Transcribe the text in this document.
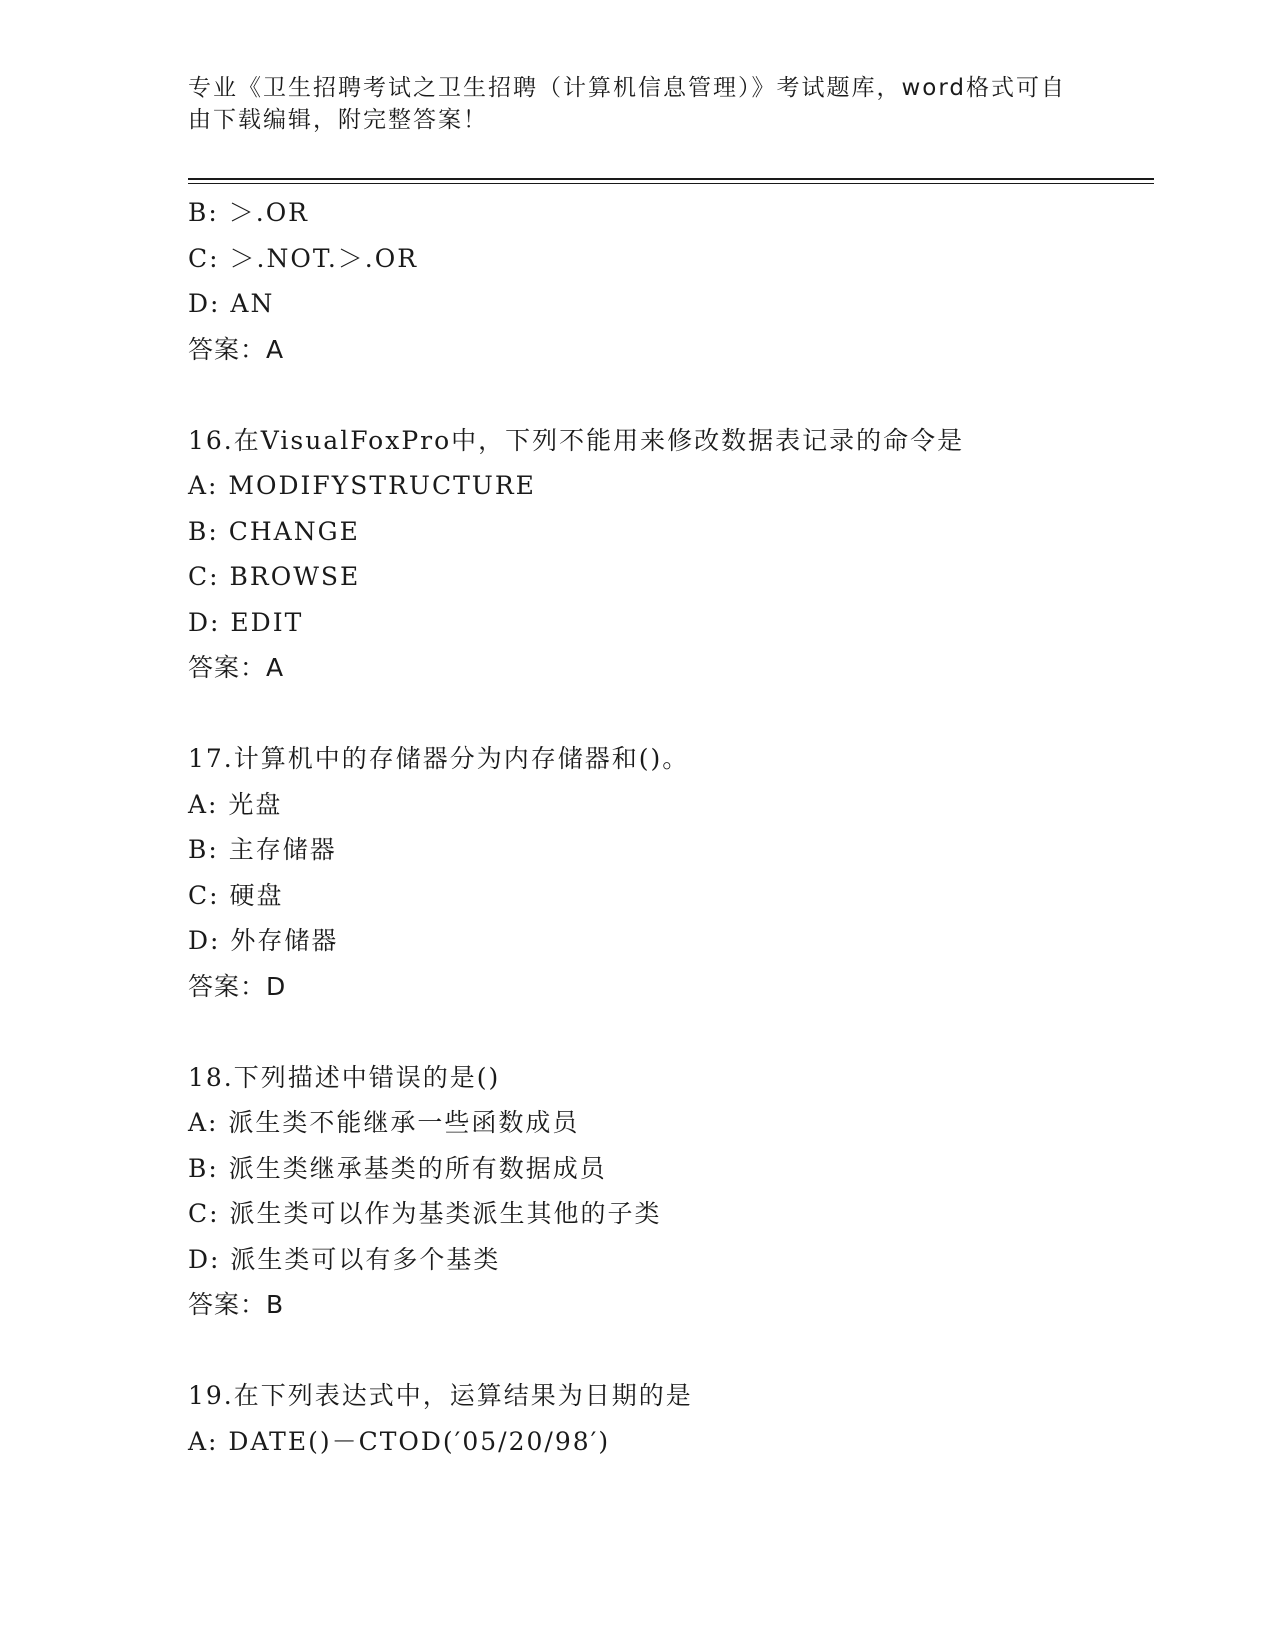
专业《卫生招聘考试之卫生招聘（计算机信息管理）》考试题库，word格式可自
由下载编辑，附完整答案！
B: ＞.OR
C: ＞.NOT.＞.OR
D: AN
答案：A
16.在VisualFoxPro中，下列不能用来修改数据表记录的命令是
A: MODIFYSTRUCTURE
B: CHANGE
C: BROWSE
D: EDIT
答案：A
17.计算机中的存储器分为内存储器和()。
A: 光盘
B: 主存储器
C: 硬盘
D: 外存储器
答案：D
18.下列描述中错误的是()
A: 派生类不能继承一些函数成员
B: 派生类继承基类的所有数据成员
C: 派生类可以作为基类派生其他的子类
D: 派生类可以有多个基类
答案：B
19.在下列表达式中，运算结果为日期的是
A: DATE()－CTOD(′05/20/98′)
